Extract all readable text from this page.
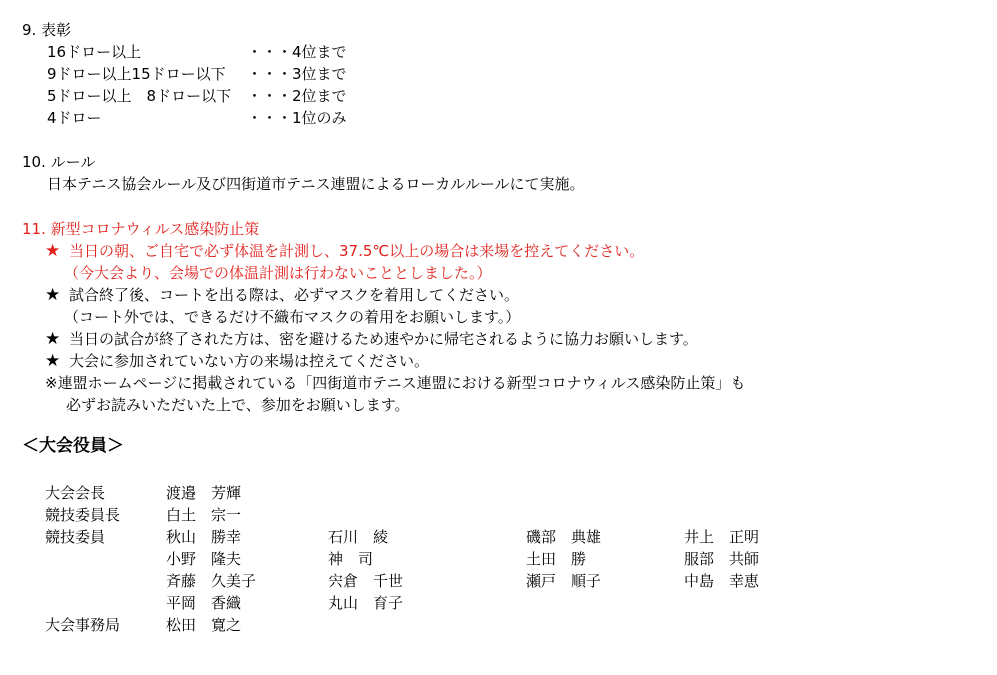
9. 表彰
16ドロー以上	・・・4位まで
9ドロー以上15ドロー以下 ・・・3位まで
5ドロー以上　8ドロー以下 ・・・2位まで
4ドロー	・・・1位のみ
10. ルール
日本テニス協会ルール及び四街道市テニス連盟によるローカルルールにて実施。
11. 新型コロナウィルス感染防止策
★ 当日の朝、ご自宅で必ず体温を計測し、37.5℃以上の場合は来場を控えてください。
（今大会より、会場での体温計測は行わないこととしました。）
★ 試合終了後、コートを出る際は、必ずマスクを着用してください。
（コート外では、できるだけ不織布マスクの着用をお願いします。）
★ 当日の試合が終了された方は、密を避けるため速やかに帰宅されるように協力お願いします。
★ 大会に参加されていない方の来場は控えてください。
※連盟ホームページに掲載されている「四街道市テニス連盟における新型コロナウィルス感染防止策」も
必ずお読みいただいた上で、参加をお願いします。
＜大会役員＞
大会会長	渡邉　芳輝
競技委員長	白土　宗一
競技委員	秋山　勝幸	石川　綾	磯部　典雄	井上　正明
小野　隆夫	神　司	土田　勝	服部　共師
斉藤　久美子	宍倉　千世	瀬戸　順子	中島　幸恵
平岡　香織	丸山　育子
大会事務局	松田　寛之
